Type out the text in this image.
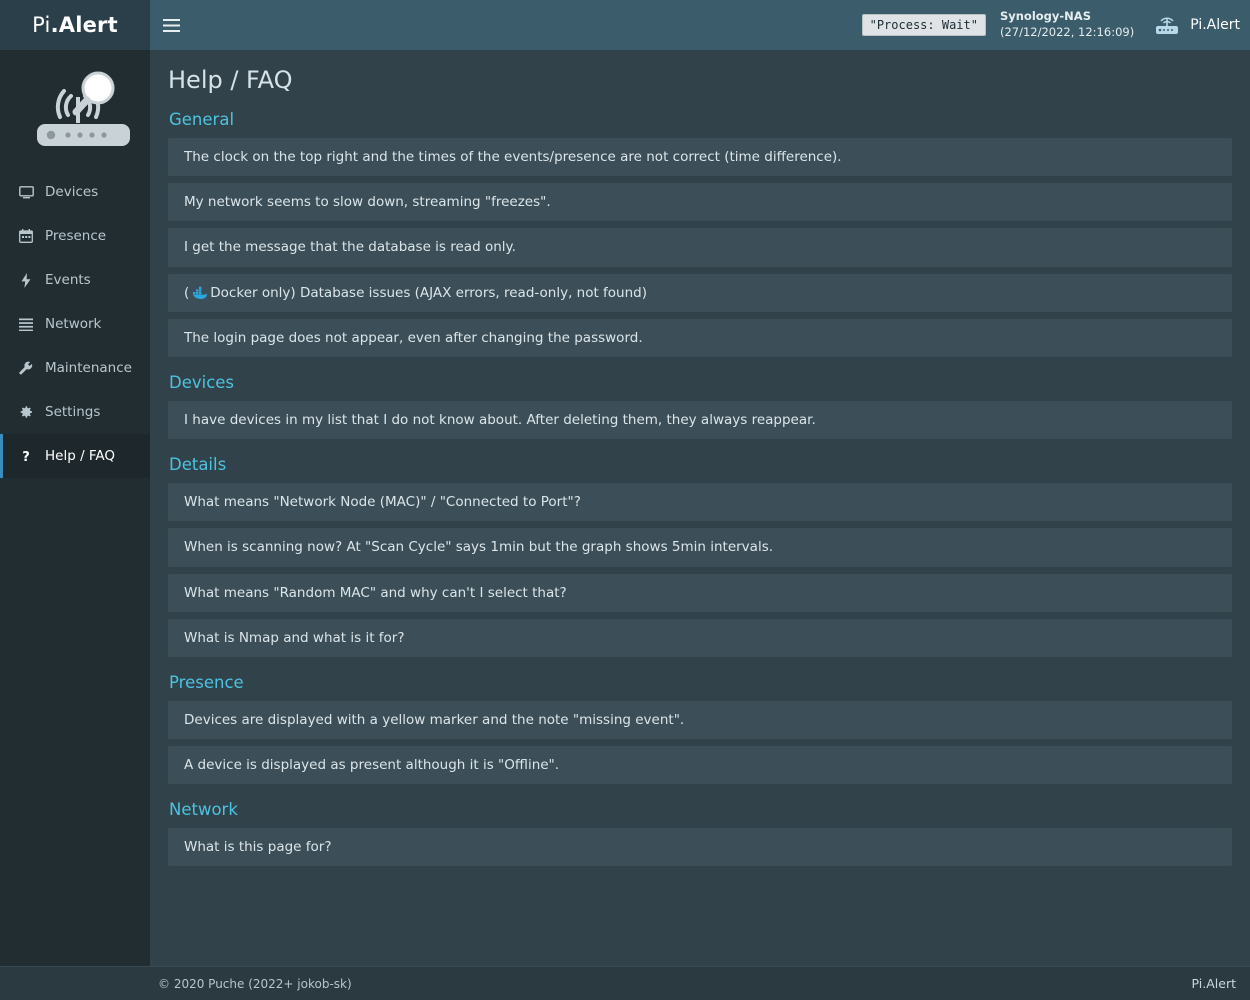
Pi .Alert	"Process: Wait"
Synology-NAS
(27/12/2022, 12:16:09)	Pi.Alert
Devices
Presence
Events
Network
Maintenance
Settings
? Help / FAQ
Help / FAQ
General
The clock on the top right and the times of the events/presence are not correct (time difference).
My network seems to slow down, streaming "freezes".
I get the message that the database is read only.
( Docker only) Database issues (AJAX errors, read-only, not found)
The login page does not appear, even after changing the password.
Devices
I have devices in my list that I do not know about. After deleting them, they always reappear.
Details
What means "Network Node (MAC)" / "Connected to Port"?
When is scanning now? At "Scan Cycle" says 1min but the graph shows 5min intervals.
What means "Random MAC" and why can't I select that?
What is Nmap and what is it for?
Presence
Devices are displayed with a yellow marker and the note "missing event".
A device is displayed as present although it is "Offline".
Network
What is this page for?
© 2020 Puche (2022+ jokob-sk)	Pi.Alert
